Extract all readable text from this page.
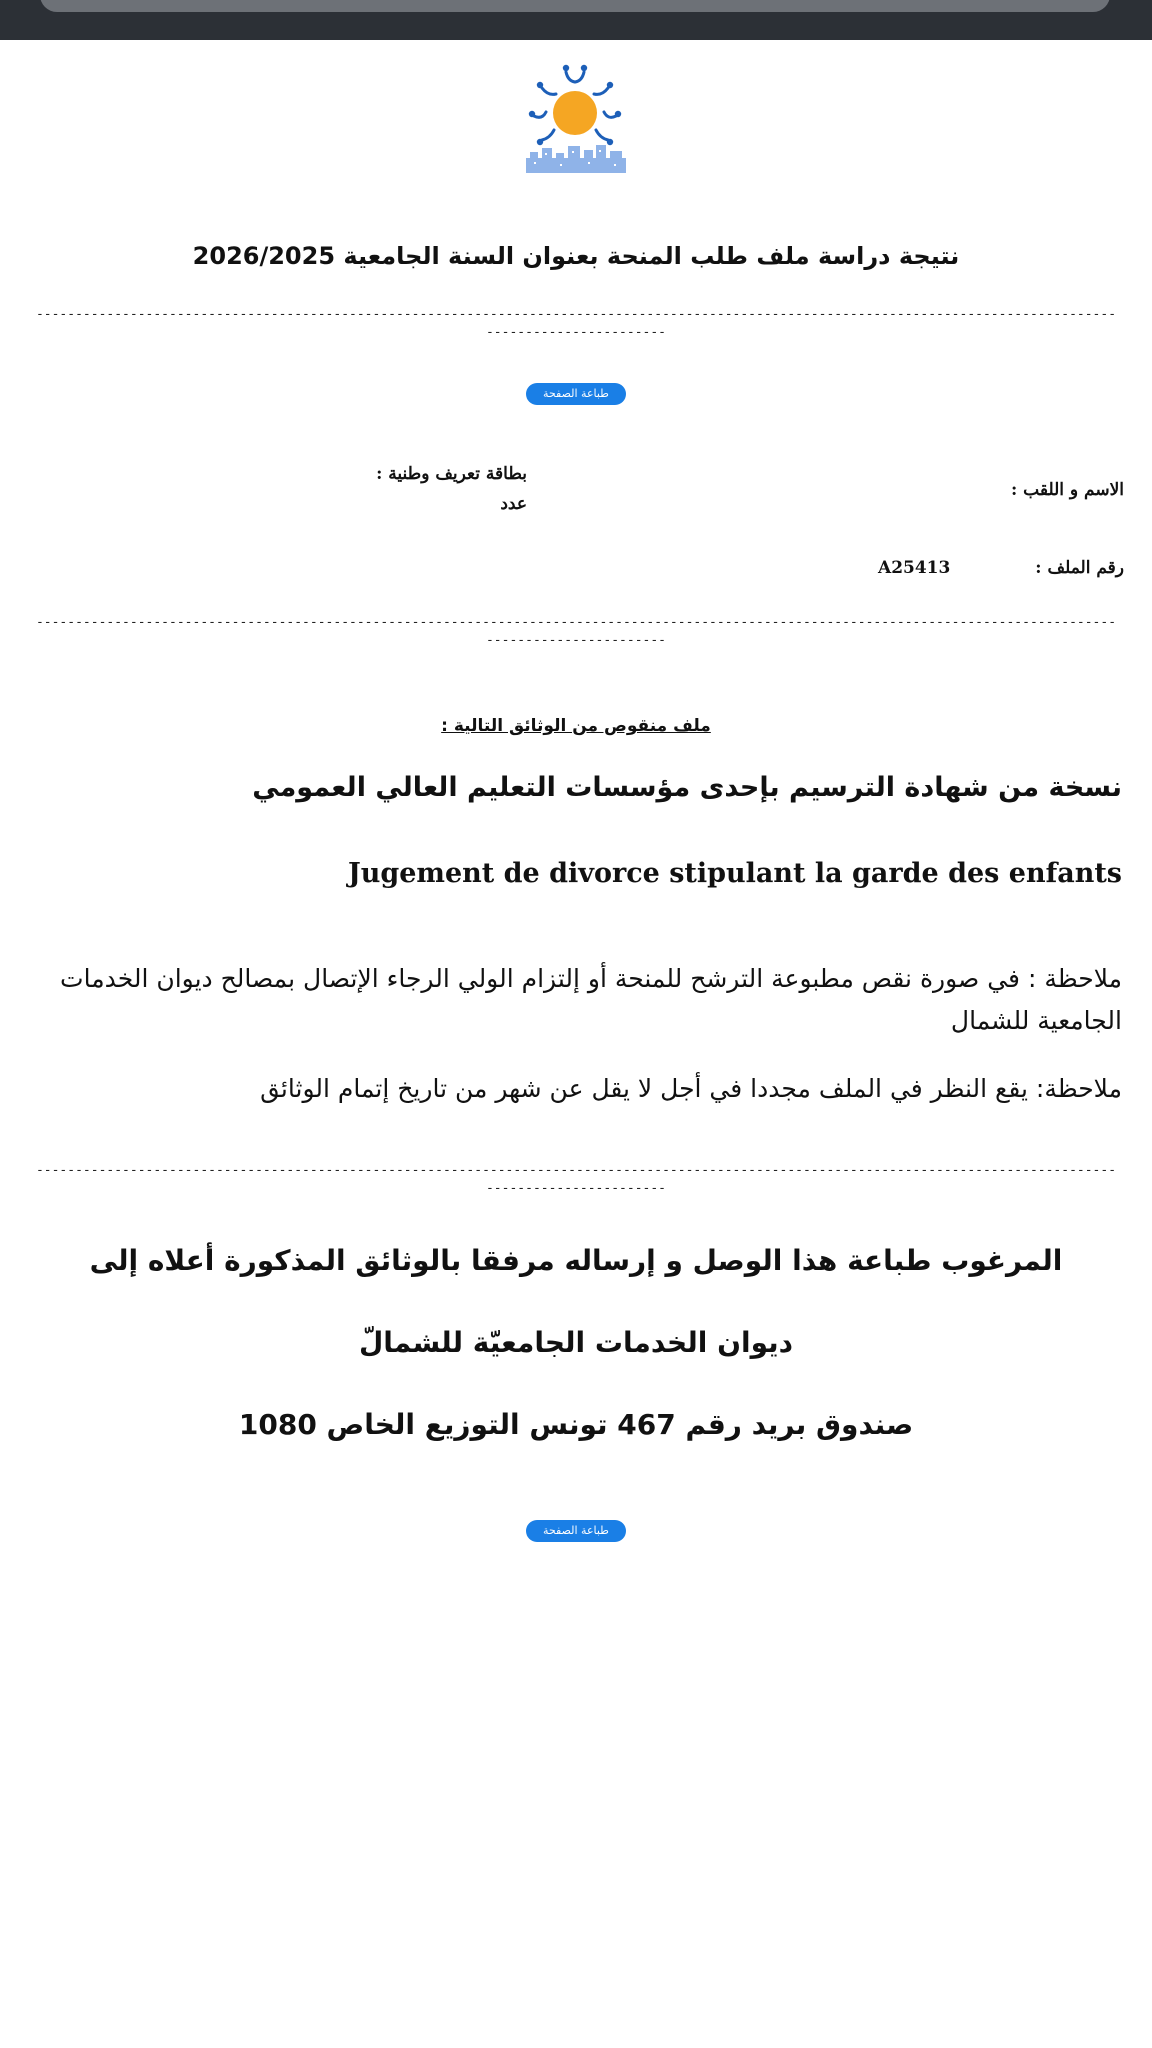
نتيجة دراسة ملف طلب المنحة بعنوان السنة الجامعية 2026/2025
------------------------------------------------------------------------------------------------------------------------------------------
-----------------------
طباعة الصفحة
الاسم و اللقب :
بطاقة تعريف وطنية :
عدد
رقم الملف :
A25413
------------------------------------------------------------------------------------------------------------------------------------------
-----------------------
ملف منقوص من الوثائق التالية :
نسخة من شهادة الترسيم بإحدى مؤسسات التعليم العالي العمومي
Jugement de divorce stipulant la garde des enfants
ملاحظة : في صورة نقص مطبوعة الترشح للمنحة أو إلتزام الولي الرجاء الإتصال بمصالح ديوان الخدمات الجامعية للشمال
ملاحظة: يقع النظر في الملف مجددا في أجل لا يقل عن شهر من تاريخ إتمام الوثائق
------------------------------------------------------------------------------------------------------------------------------------------
-----------------------
المرغوب طباعة هذا الوصل و إرساله مرفقا بالوثائق المذكورة أعلاه إلى
ديوان الخدمات الجامعيّة للشمالّ
صندوق بريد رقم 467 تونس التوزيع الخاص 1080
طباعة الصفحة
